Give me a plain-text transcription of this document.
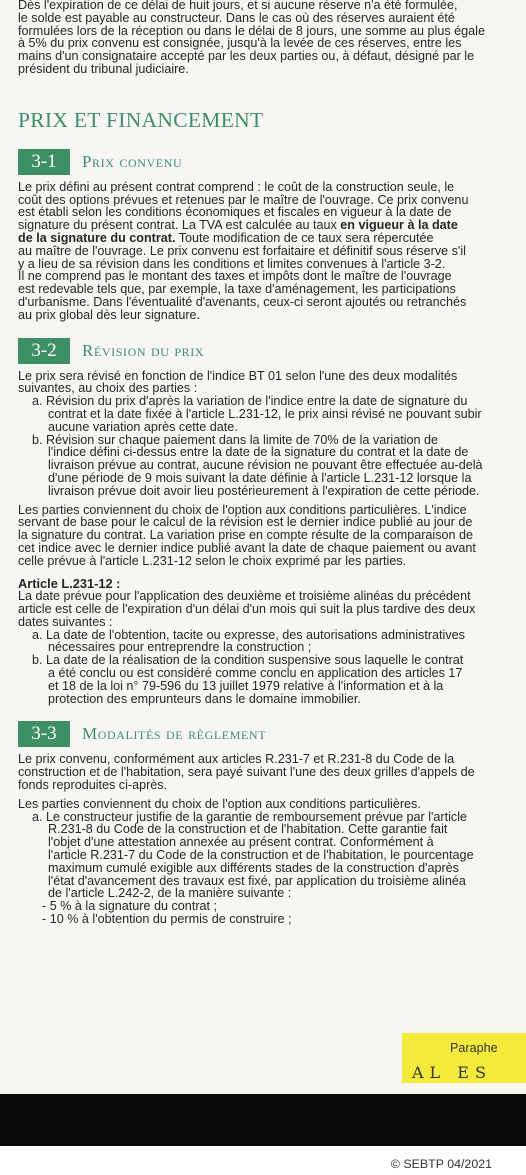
Dès l'expiration de ce délai de huit jours, et si aucune réserve n'a été formulée,

le solde est payable au constructeur. Dans le cas où des réserves auraient été

formulées lors de la réception ou dans le délai de 8 jours, une somme au plus égale

à 5% du prix convenu est consignée, jusqu'à la levée de ces réserves, entre les

mains d'un consignataire accepté par les deux parties ou, à défaut, désigné par le

président du tribunal judiciaire.

PRIX ET FINANCEMENT
3-1	Prix convenu

Le prix défini au présent contrat comprend : le coût de la construction seule, le

coût des options prévues et retenues par le maître de l'ouvrage. Ce prix convenu

est établi selon les conditions économiques et fiscales en vigueur à la date de

signature du présent contrat. La TVA est calculée au taux en vigueur à la date

de la signature du contrat. Toute modification de ce taux sera répercutée

au maître de l'ouvrage. Le prix convenu est forfaitaire et définitif sous réserve s'il

y a lieu de sa révision dans les conditions et limites convenues à l'article 3-2.

Il ne comprend pas le montant des taxes et impôts dont le maître de l'ouvrage

est redevable tels que, par exemple, la taxe d'aménagement, les participations

d'urbanisme. Dans l'éventualité d'avenants, ceux-ci seront ajoutés ou retranchés

au prix global dès leur signature.

3-2	Révision du prix

Le prix sera révisé en fonction de l'indice BT 01 selon l'une des deux modalités

suivantes, au choix des parties :

a. Révision du prix d'après la variation de l'indice entre la date de signature du

contrat et la date fixée à l'article L.231-12, le prix ainsi révisé ne pouvant subir

aucune variation après cette date.

b. Révision sur chaque paiement dans la limite de 70% de la variation de

l'indice défini ci-dessus entre la date de la signature du contrat et la date de

livraison prévue au contrat, aucune révision ne pouvant être effectuée au-delà

d'une période de 9 mois suivant la date définie à l'article L.231-12 lorsque la

livraison prévue doit avoir lieu postérieurement à l'expiration de cette période.

Les parties conviennent du choix de l'option aux conditions particulières. L'indice

servant de base pour le calcul de la révision est le dernier indice publié au jour de

la signature du contrat. La variation prise en compte résulte de la comparaison de

cet indice avec le dernier indice publié avant la date de chaque paiement ou avant

celle prévue à l'article L.231-12 selon le choix exprimé par les parties.

Article L.231-12 :

La date prévue pour l'application des deuxième et troisième alinéas du précédent

article est celle de l'expiration d'un délai d'un mois qui suit la plus tardive des deux

dates suivantes :

a. La date de l'obtention, tacite ou expresse, des autorisations administratives

nécessaires pour entreprendre la construction ;

b. La date de la réalisation de la condition suspensive sous laquelle le contrat

a été conclu ou est considéré comme conclu en application des articles 17

et 18 de la loi n° 79-596 du 13 juillet 1979 relative à l'information et à la

protection des emprunteurs dans le domaine immobilier.

3-3	Modalités de règlement

Le prix convenu, conformément aux articles R.231-7 et R.231-8 du Code de la

construction et de l'habitation, sera payé suivant l'une des deux grilles d'appels de

fonds reproduites ci-après.

Les parties conviennent du choix de l'option aux conditions particulières.

a. Le constructeur justifie de la garantie de remboursement prévue par l'article

R.231-8 du Code de la construction et de l'habitation. Cette garantie fait

l'objet d'une attestation annexée au présent contrat. Conformément à

l'article R.231-7 du Code de la construction et de l'habitation, le pourcentage

maximum cumulé exigible aux différents stades de la construction d'après

l'état d'avancement des travaux est fixé, par application du troisième alinéa

de l'article L.242-2, de la manière suivante :

- 5 % à la signature du contrat ;

- 10 % à l'obtention du permis de construire ;

Paraphe
AL ES
© SEBTP 04/2021
